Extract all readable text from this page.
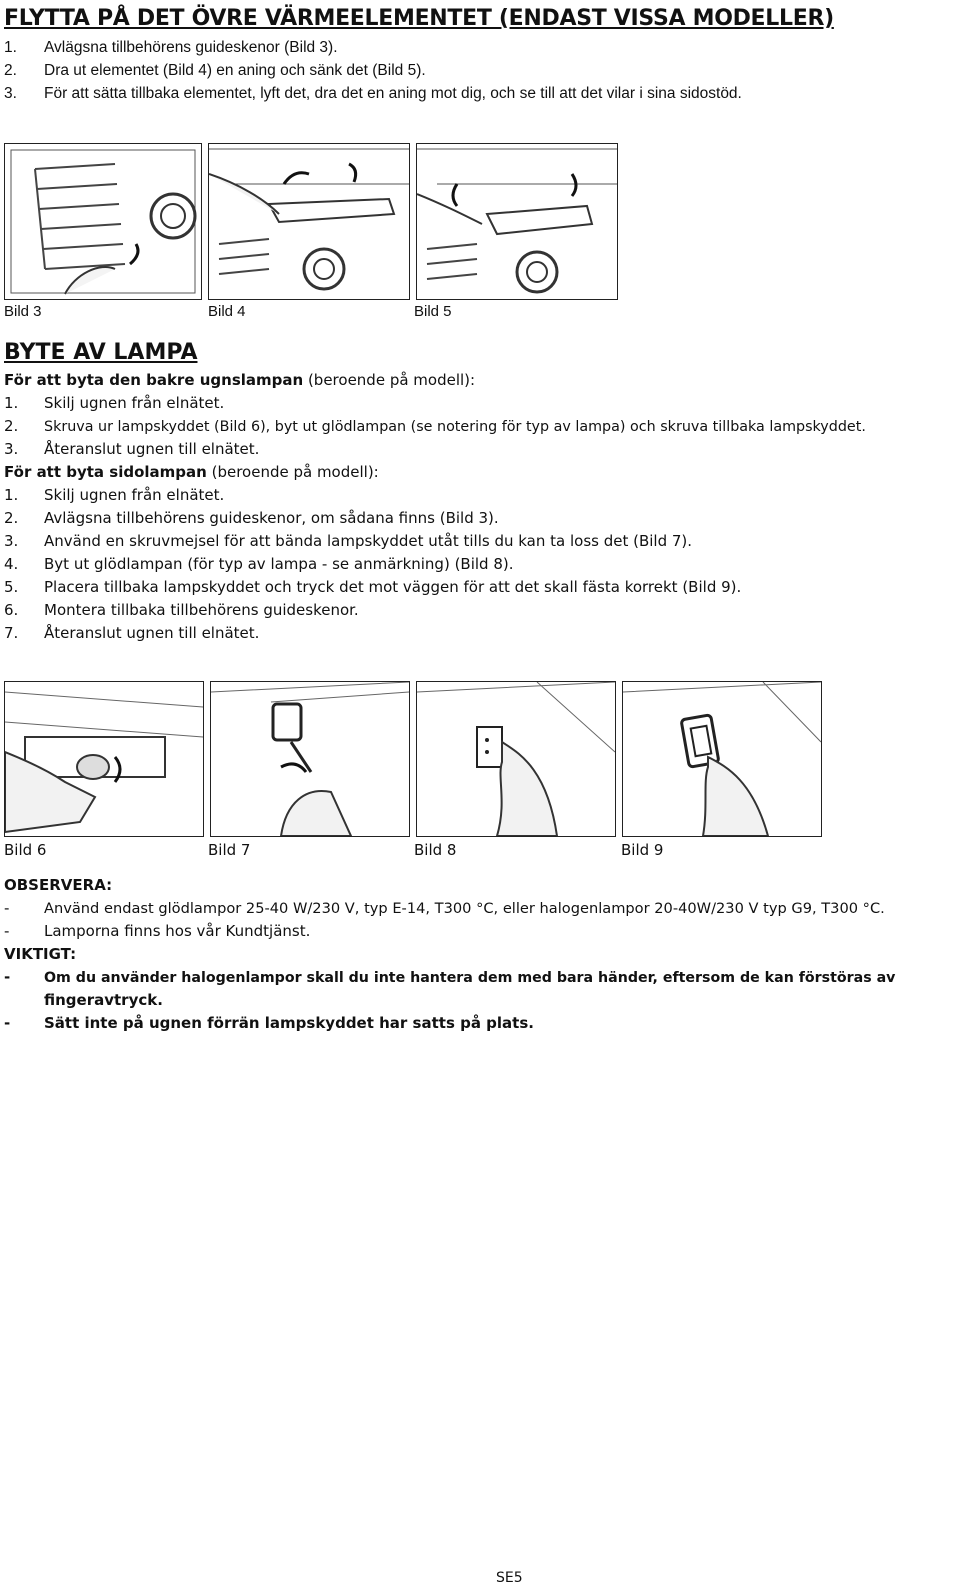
FLYTTA PÅ DET ÖVRE VÄRMEELEMENTET (ENDAST VISSA MODELLER)
1. Avlägsna tillbehörens guideskenor (Bild 3).
2. Dra ut elementet (Bild 4) en aning och sänk det (Bild 5).
3. För att sätta tillbaka elementet, lyft det, dra det en aning mot dig, och se till att det vilar i sina sidostöd.
Bild 3	Bild 4	Bild 5
BYTE AV LAMPA
För att byta den bakre ugnslampan (beroende på modell):
1. Skilj ugnen från elnätet.
2. Skruva ur lampskyddet (Bild 6), byt ut glödlampan (se notering för typ av lampa) och skruva tillbaka lampskyddet.
3. Återanslut ugnen till elnätet.
För att byta sidolampan (beroende på modell):
1. Skilj ugnen från elnätet.
2. Avlägsna tillbehörens guideskenor, om sådana finns (Bild 3).
3. Använd en skruvmejsel för att bända lampskyddet utåt tills du kan ta loss det (Bild 7).
4. Byt ut glödlampan (för typ av lampa - se anmärkning) (Bild 8).
5. Placera tillbaka lampskyddet och tryck det mot väggen för att det skall fästa korrekt (Bild 9).
6. Montera tillbaka tillbehörens guideskenor.
7. Återanslut ugnen till elnätet.
Bild 6	Bild 7	Bild 8	Bild 9
OBSERVERA:
- Använd endast glödlampor 25-40 W/230 V, typ E-14, T300 °C, eller halogenlampor 20-40W/230 V typ G9, T300 °C.
- Lamporna finns hos vår Kundtjänst.
VIKTIGT:
- Om du använder halogenlampor skall du inte hantera dem med bara händer, eftersom de kan förstöras av
fingeravtryck.
- Sätt inte på ugnen förrän lampskyddet har satts på plats.
SE5
